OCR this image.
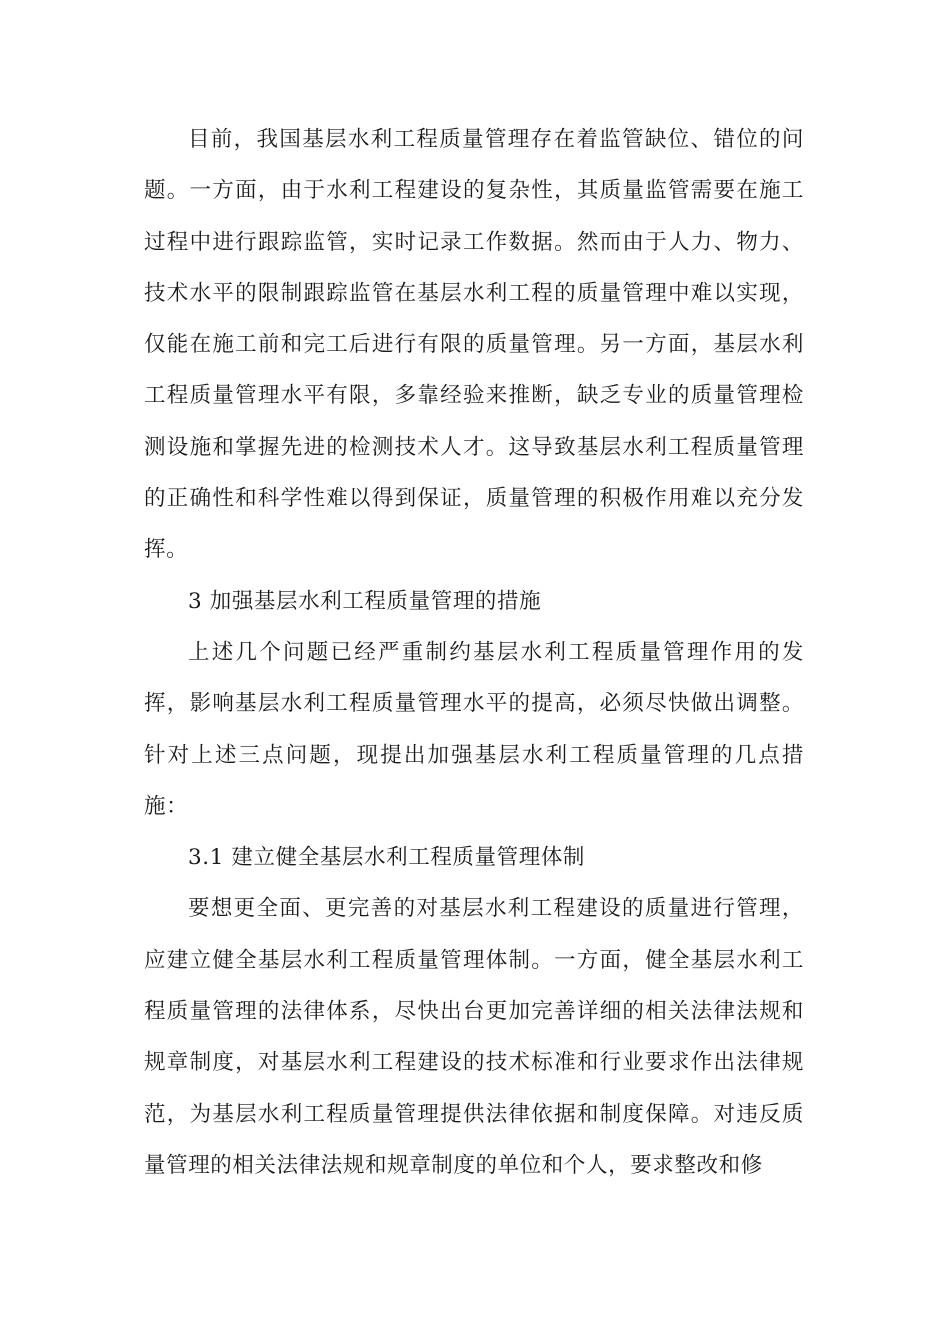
目前，我国基层水利工程质量管理存在着监管缺位、错位的问题。一方面，由于水利工程建设的复杂性，其质量监管需要在施工过程中进行跟踪监管，实时记录工作数据。然而由于人力、物力、技术水平的限制跟踪监管在基层水利工程的质量管理中难以实现，仅能在施工前和完工后进行有限的质量管理。另一方面，基层水利工程质量管理水平有限，多靠经验来推断，缺乏专业的质量管理检测设施和掌握先进的检测技术人才。这导致基层水利工程质量管理的正确性和科学性难以得到保证，质量管理的积极作用难以充分发挥。

3 加强基层水利工程质量管理的措施

上述几个问题已经严重制约基层水利工程质量管理作用的发挥，影响基层水利工程质量管理水平的提高，必须尽快做出调整。针对上述三点问题，现提出加强基层水利工程质量管理的几点措施：

3.1 建立健全基层水利工程质量管理体制

要想更全面、更完善的对基层水利工程建设的质量进行管理，应建立健全基层水利工程质量管理体制。一方面，健全基层水利工程质量管理的法律体系，尽快出台更加完善详细的相关法律法规和规章制度，对基层水利工程建设的技术标准和行业要求作出法律规范，为基层水利工程质量管理提供法律依据和制度保障。对违反质量管理的相关法律法规和规章制度的单位和个人，要求整改和修
